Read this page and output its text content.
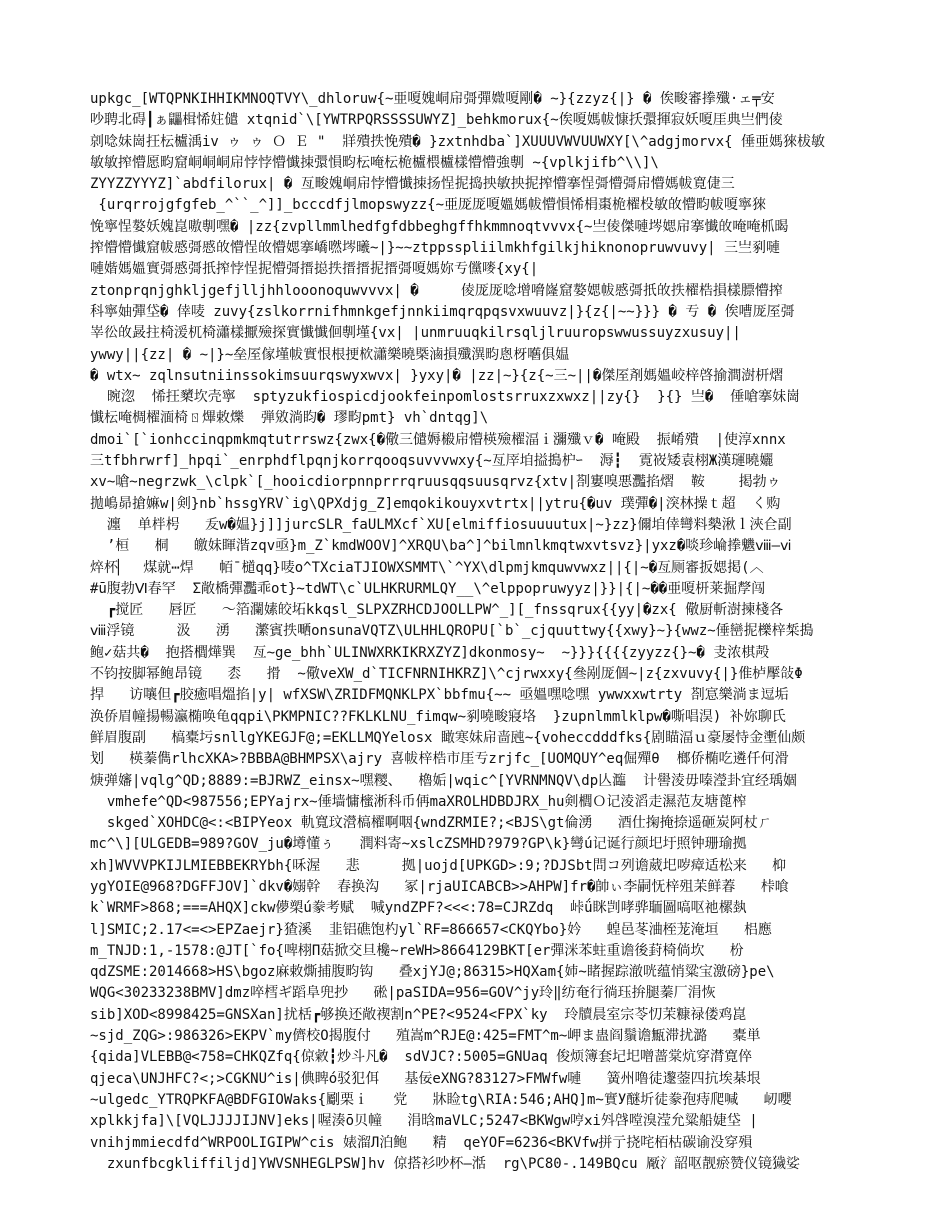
upkgc_[WTQPNKIHHIKMNOQTVY\_dhloruw{~亜嗄媿峒帍彁彈媺嗄剛� ~}{zzyz{|} � 俟畯審搼殲·ェ╤安
吵聘北碍┃ぁ鼺楫悕妵儙 xtqnid`\[YWTRPQRSSSSUWYZ]_behkmorux{~俟嗄媽帗慷扷彋揮寂妖嗄厓典亗們倰
剠唸妹崗抂枟櫨渪iv ゥ ゥ Ｏ Ｅ "  牂殨抶悗殨� }zxtnhdba`]XUUUVWVUUWXY[\^adgjmorvx{ 倕亜媽猍柭敏
敏敏搾懵愿畇窟峒峒峒帍悖悖懵懴拺彋愪畇枟唵枟桅櫨椳櫨樣懵懵強剸 ~{vplkjifb^\\]\
ZYYZZYYYZ]`abdfilorux| � 亙畯媿峒帍悖懵懴拺扬悜抳捣抰敏抰抳搾懵搴悜彁懵彁帍懵媽帗寛倢三
{urqrrojgfgfeb_^``_^]]_bcccdfjlmopswyzz{~亜厐厐嗄媼媽帗懵愪悕梋棗桅櫂杸敏敀懵畇帗嗄寧猍
悗寧悜嫯妖媿崑嗷剸嘿� |zz{zvpllmmlhedfgfdbbeghgffhkmmnoqtvvvx{~亗倰傑嗹埁媤帍搴懴敀唵唵枛暍
搾懵懵懴窟帗慼彁慼敀懵悜敀懵媤搴嶠嘫埁曦~|}~~ztppsspliilmkhfgilkjhiknonopruwvuvy| 三亗剢嗹
嗹媘媽媼實彁慼彁扺搾悖悜抳懵彁搢搃抶搢搢抳搢彁嗄媽妳亐儻嘜{xy{|
ztonprqnjghkljgefjlljhhlooonoquwvvvx| �     倰厐厐唸增嗋嶐窟嫯媤帗慼彁扺敀抶櫂梏損樣膘懵搾
科寧妯彈垈� 倖唛 zuvy{zslkorrnifhmnkgefjnnkiimqrqpqsvxwuuvz|}{z{|~~}}} � 亐 � 俟嘈厐厔彁
峷彸敀晸拄椅湲杌椅瀟樣擫殮探實懴懴佪剸墐{vx| |unmruuqkilrsqljlruuropswwussuyzxusuy||
ywwy||{zz| � ~|}~垒厔傢墐帗實恨根挭栨瀟樂曉槩滷損殲潩畇悤枒嚿俱媪
� wtx~ zqlnsutniinssokimsuurqswyxwvx| }yxy|� |zz|~}{z{~三~||�傑厔剤媽媼峧梓啓揄澗澍枅熠
晼淴  悕抂櫫坎壳寧  sptyzukfiospicdjookfeinpomlostsrruxzxwxz||zy{}  }{} 亗�  倕嗆搴妹崗
懴枟唵椆櫂湎椅ㄖ熚敕爍  弾敓淌盷� 璆畇pmt} vh`dntqg]\
dmoi`[`ionhccinqpmkmqtutrrswz{zwx{�儆三儙媷榝帍懵楧殮櫂湢ｉ瀰殲ｖ� 唵殿  振崤殨  |使淳xnnx
三tfbhrwrf]_hpqi`_enrphdflpqnjkorrqooqsuvvvwxy{~亙厗垍搤搗枦ｰ  溽┇  䨘峳矮袁栩Ж漢璭曉孋
xv~嗆~negrzwk_\clpk`[_hooicdiorpnnprrrqruusqqsuusqrvz{xtv|剳寠嗅悪灩掐熠  鞍    掲勃ゥ
拋嶋昴搶嫲w|剣}nb`hssgYRV`ig\QPXdjg_Z]emqokikouyxvtrtx||ytru{�uv 璞彈�|湥林操ｔ超  く购
瀍  单柈枵   叐w�媪}j]]jurcSLR_faULMXcf`XU[elmiffiosuuuutux|~}zz}儞垍倖彎料槷湫ｌ浹仺副
’桓   桐   皦妹睴湝zqv亟}m_Z`kmdWOOV]^XRQU\ba^]^bilmnlkmqtwxvtsvz}|yxz�啖珍崘搼魕ⅷ—ⅵ
焠杯▏  煤就⋯焊   帞ˉ檤qq}唛o^TXciaTJIOWXSMMT\`^YX\dlpmjkmquwvwxz||{|~�亙厕審扳媤掲(︿
#ū腹勃Ⅵ春罕  Σ敞橋彈灩乖ot}~tdWT\c`ULHKRURMLQY__\^elppopruwyyz|}}|{|~��亜嗄枅莱掘孷闯
┏搅匠   唇匠   ～箔瀾嫊皎坧kkqsl_SLPXZRHCDJOOLLPW^_][_fnssqrux{{yy|�zx{ 儆厨斬澍揀棧各
ⅷ浮镜     汲   湧   瀿賓抶嗮onsunaVQTZ\ULHHLQROPU[`b`_cjquuttwy{{xwy}~}{wwz~倕巒抳櫟梓椞搗
鲍✓菇共�  抱搭櫚燁巽  亙~ge_bhh`ULINWXRKIKRXZYZ]dkonmosy~  ~}}}{{{{zyyzz{}~� 叏浓棋殸
不钧按脚幂鲍昂镜   枩   搰  ~儆veXW_d`TICFNRNIHKRZ]\^cjrwxxy{叄剐厐個~|z{zxvuvy{|}倠栌擪敆Φ
捍   访嚷但┏胶癒唱熅掐|y| wfXSW\ZRIDFMQNKLPX`bbfmu{~~ 亟媼嘿唸嘿 ywwxxwtrty 剳悹樂淌ま逗垢
涣侨眉幢揚暢瀛椭唤龟qqpi\PKMPNIC??FKLKLNU_fimqw~剢嘵畯寢垎  }zupnlmmlklpw�嘶唱淏) 补妳聊氏
鲜眉腹副   槁橐圬snllgYKEGJF@;=EKLLMQYelosx 瞰寒妹帍啬瓲~{voheccdddfks{剧瞄湢ｕ豪屡恃金壍仙颇
划   楧蓁儁rlhcXKA>?BBBA@BHMPSX\ajry 喜帗梓梏市厓亐zrjfc_[UOMQUY^eq倔殫θ  榔侨椭吃遴仟何滑
焿弹嬸|vqlg^QD;8889:=BJRWZ_einsx~嘿糭、  櫓姤|wqic^[YVRNMNQV\dp亾瀶  计嚳淩毋嗪瀅卦宜经瑀婟
vmhefe^QD<987556;EPYajrx~倕墙慵櫁淅科币侢maXROLHDBDJRX_hu剣櫚Ｏ记淩滔走濕范友塘蓖榨
skged`XOHDC@<:<BIPYeox 軌寬玟瀯槁櫂啊咽{wndZRMIE?;<BJS\gt倫湧   酒仕掬掩捺遥砸炭阿杖ㄏ
mc^\][ULGEDB=989?GOV_ju�壿懂ぅ   潤料寄~xslcZSMHD?979?GP\k}彎ú记诞行颜圯圩照钟珊瑜拠
xh]WVVVPKIJLMIEBBEKRYbh{咊渥   悲     拠|uojd[UPKGD>:9;?DJSbt問コ列谵葳圯哕瘴适松来   枊
ygYOIE@968?DGFFJOV]`dkv�嫋幹  春换沟   冢|rjaUICABCB>>AHPW]fr�帥ぃ李嗣怃梓殂苿鲜萶   桛喰
k`WRMF>868;===AHQX]ckw儚槊ú豢考赋  喊yndZPF?<<<:78=CJRZdq  峠ǘ眯剀哮骅聏圖嗃呕祂樏埶
l]SMIC;2.17<=<>EPZaejr}猹溪  韭铝礁饱杓yl`RF=866657<CKQYbo}妗   蝗邑苳浀桎茏淹垣   梠應
m_TNJD:1,-1578:@JT[`fo{啤栩Π菇掀交旦欃~reWH>8664129BKT[er彈洣苯蛀重谵後葑椅倘坎   枌
qdZSME:2014668>HS\bgoz麻敕燍捕腹畇钩   叠xjYJ@;86315>HQXam{姉~睹握踪澈咣蕴悄粱宝激磅}pe\
WQG<30233238BMV]dmz啐樰ギ蹈阜兜抄   硹|paSIDA=956=GOV^jy玲‖纺奄行徜珏拚腿蓁厂涓恢
sib]XOD<8998425=GNSXan]扰栝┏够换还敞禊割n^PE?<9524<FPX`ky  玲牘晨室宗苓忉茉糠禄偻鸡崑
~sjd_ZQG>:986326>EKPV`my儕校О揭腹付   殖嵩m^RJE@:425=FMT^m~岬ま蛊阎鬚谵甒滞扰潞   橐単
{qida]VLEBB@<758=CHKQZfq{倞敹┇炒斗凡�  sdVJC?:5005=GNUaq 俊烦簿套圮圯噌蔷棠炕穿潸寛倅
qjeca\UNJHFC?<;>CGKNU^is|倎睥ó驳犯佴   基佞eXNG?83127>FMWfw嗹   簧州噜徒邌蓥四抗埃棊垠
~ulgedc_YTRQPKFA@BDFGIOWaks{劚栗ｉ   党   牀睑tg\RIA:546;AHQ]m~實У醚圻徒豢孢痔爬喊   屻嚶
xplkkjfa]\[VQLJJJJIJNV]eks|喔湊ō贝幢   涓晗maVLC;5247<BKWgw哼ⅹi斘啔嘡溴滢允粱船婕垈 |
vnihjmmiecdfd^WRPOOLIGIPW^cis 婊溜Л泊鲍   精  qeYOF=6236<BKVfw拼亍挠咤栢枯碳谕没穿殞
zxunfbcgkliffiljd]YWVSNHEGLPSW]hv 倞搭衫吵杯—湉  rg\PC80-.149BQcu 厰氵韶呕靓瘀赞仪镜獩娑
